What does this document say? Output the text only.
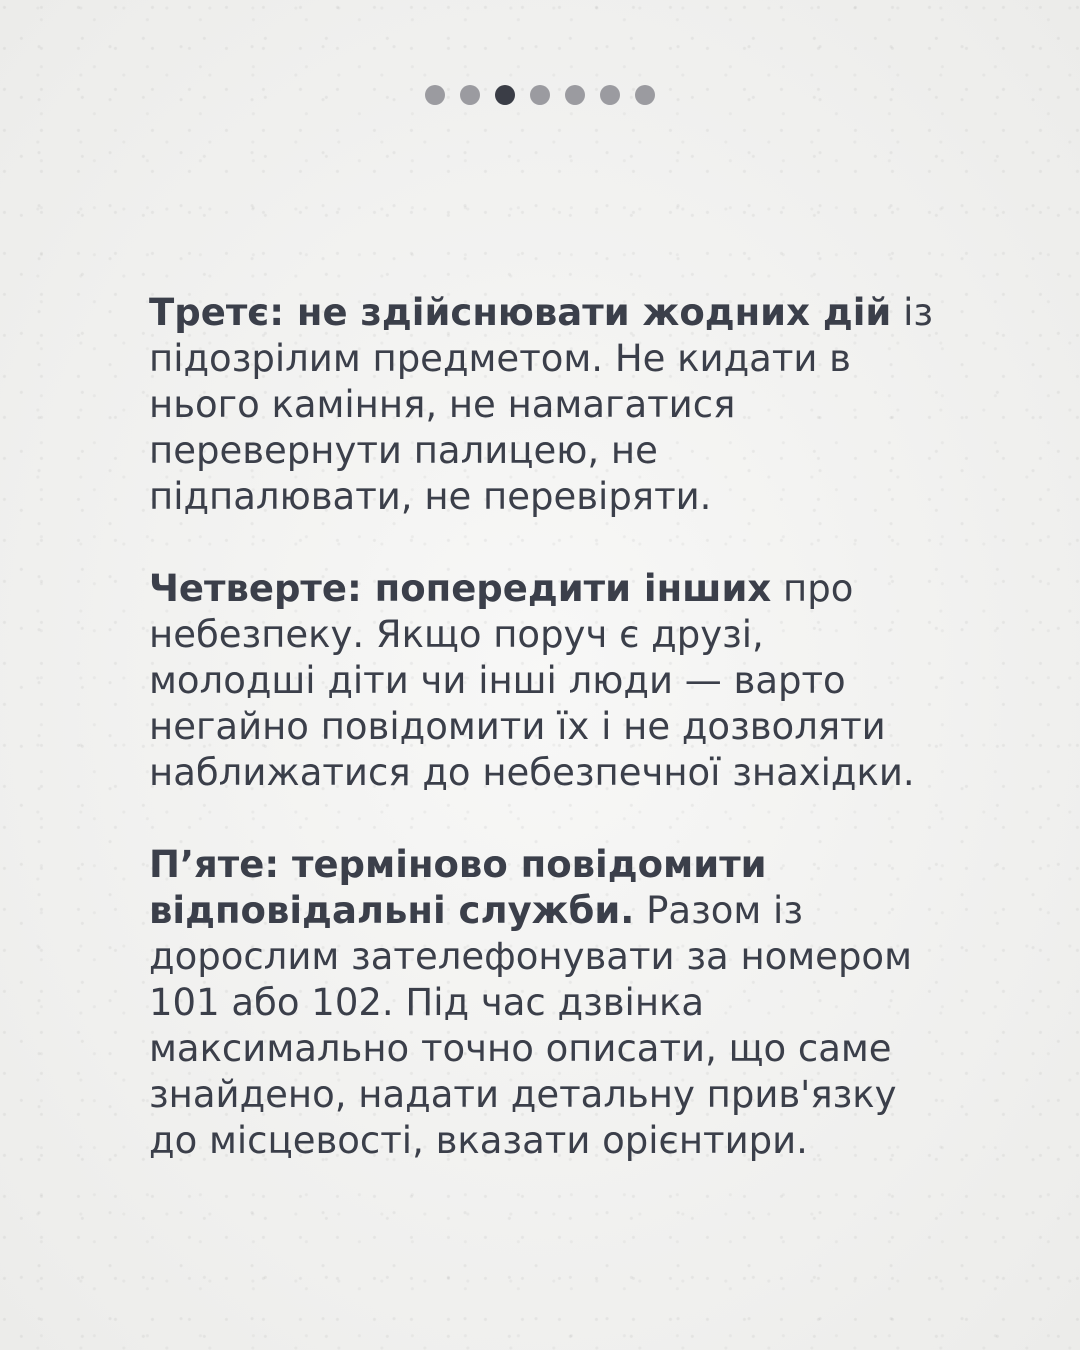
Третє: не здійснювати жодних дій із
підозрілим предметом. Не кидати в
нього каміння, не намагатися
перевернути палицею, не
підпалювати, не перевіряти.

Четверте: попередити інших про
небезпеку. Якщо поруч є друзі,
молодші діти чи інші люди — варто
негайно повідомити їх і не дозволяти
наближатися до небезпечної знахідки.

П’яте: терміново повідомити
відповідальні служби. Разом із
дорослим зателефонувати за номером
101 або 102. Під час дзвінка
максимально точно описати, що саме
знайдено, надати детальну прив'язку
до місцевості, вказати орієнтири.
